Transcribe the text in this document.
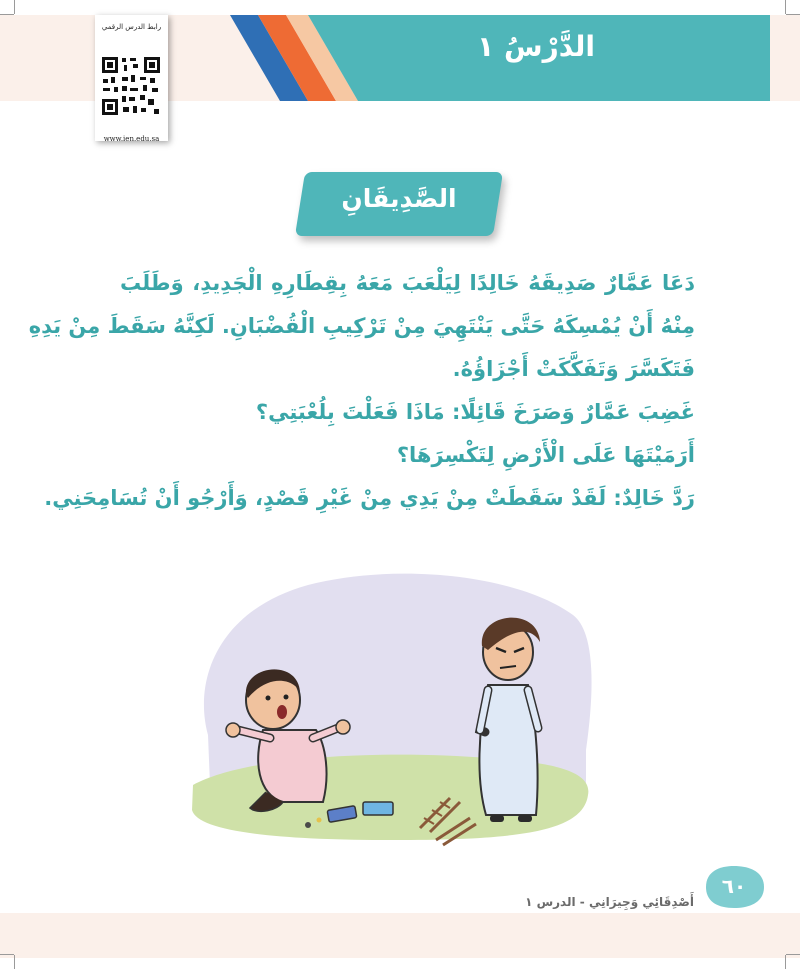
الدَّرْسُ ١
رابط الدرس الرقمي
www.ien.edu.sa
الصَّدِيقَانِ
دَعَا عَمَّارٌ صَدِيقَهُ خَالِدًا لِيَلْعَبَ مَعَهُ بِقِطَارِهِ الْجَدِيدِ، وَطَلَبَ
مِنْهُ أَنْ يُمْسِكَهُ حَتَّى يَنْتَهِيَ مِنْ تَرْكِيبِ الْقُضْبَانِ. لَكِنَّهُ سَقَطَ مِنْ يَدِهِ
فَتَكَسَّرَ وَتَفَكَّكَتْ أَجْزَاؤُهُ.
غَضِبَ عَمَّارٌ وَصَرَخَ قَائِلًا: مَاذَا فَعَلْتَ بِلُعْبَتِي؟
أَرَمَيْتَهَا عَلَى الْأَرْضِ لِتَكْسِرَهَا؟
رَدَّ خَالِدٌ: لَقَدْ سَقَطَتْ مِنْ يَدِي مِنْ غَيْرِ قَصْدٍ، وَأَرْجُو أَنْ تُسَامِحَنِي.
٦٠
أَصْدِقَائِي وَجِيرَانِي - الدرس ١
